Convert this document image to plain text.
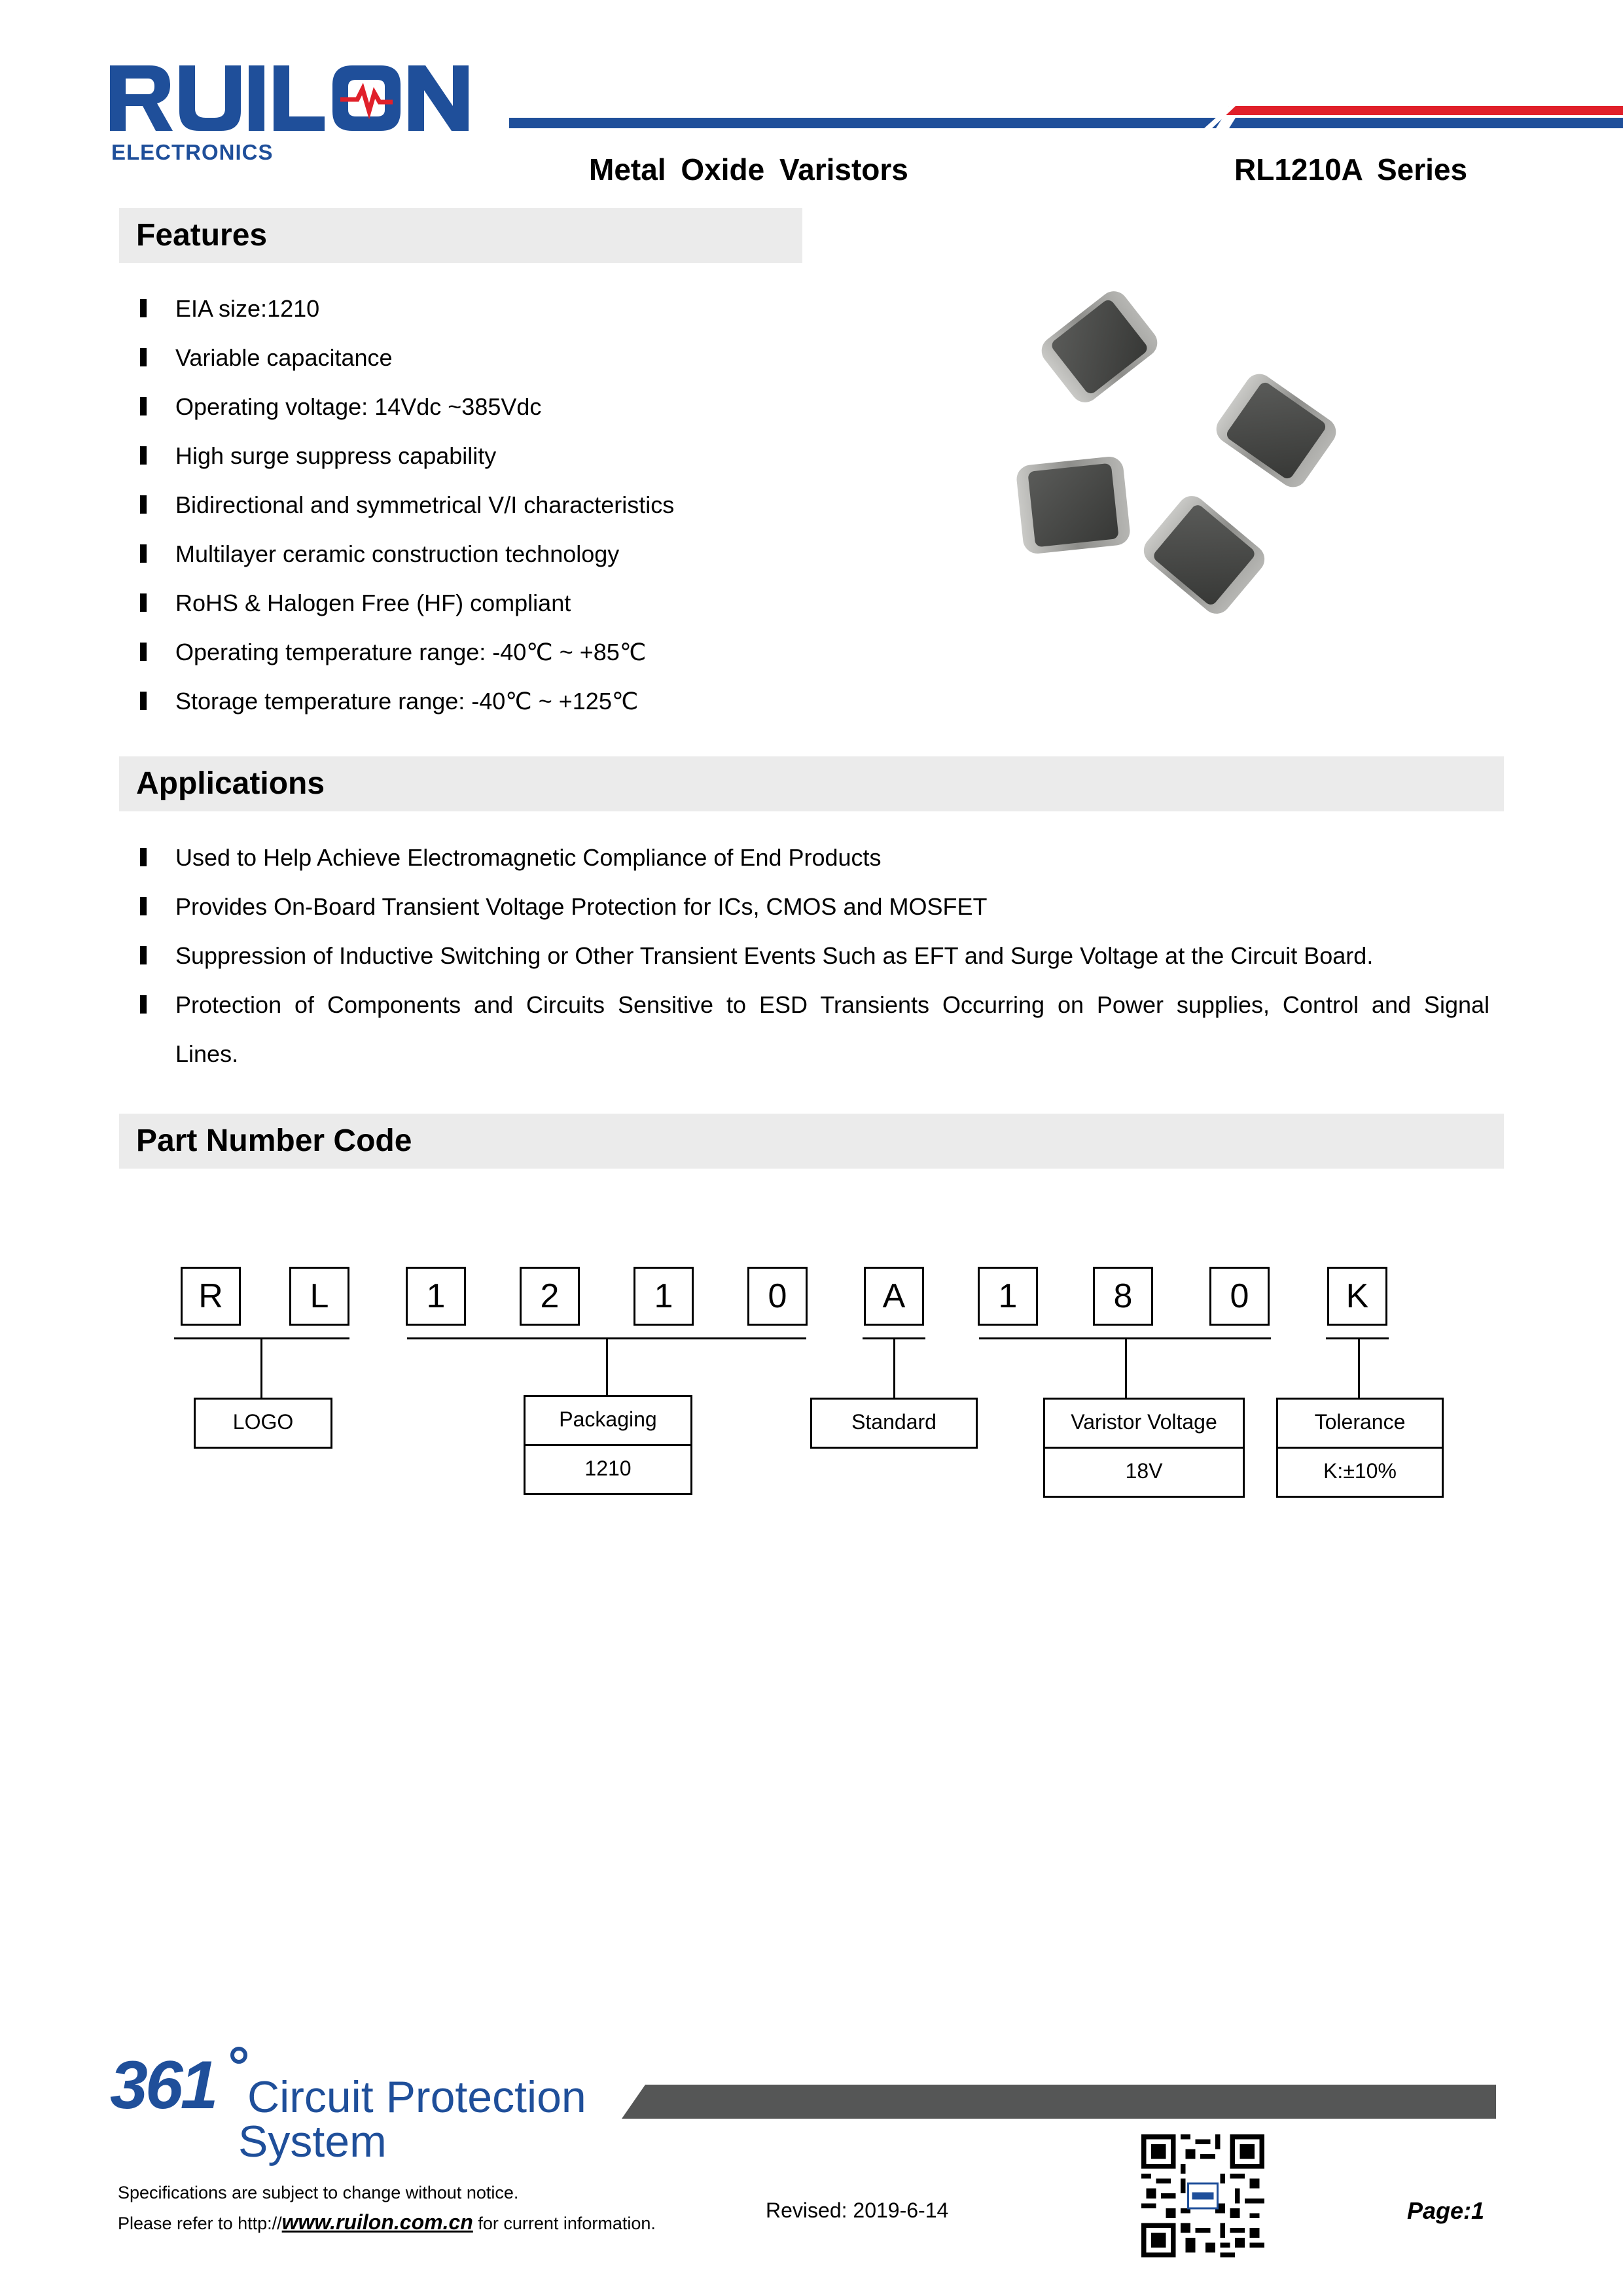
ELECTRONICS
Metal Oxide Varistors	RL1210A Series
Features
EIA size:1210
Variable capacitance
Operating voltage: 14Vdc ~385Vdc
High surge suppress capability
Bidirectional and symmetrical V/I characteristics
Multilayer ceramic construction technology
RoHS & Halogen Free (HF) compliant
Operating temperature range: -40℃ ~ +85℃
Storage temperature range: -40℃ ~ +125℃
Applications
Used to Help Achieve Electromagnetic Compliance of End Products
Provides On-Board Transient Voltage Protection for ICs, CMOS and MOSFET
Suppression of Inductive Switching or Other Transient Events Such as EFT and Surge Voltage at the Circuit Board.
Protection of Components and Circuits Sensitive to ESD Transients Occurring on Power supplies, Control and Signal
Lines.
Part Number Code
R	L	1	2	1	0	A	1	8	0	K
LOGO	Packaging
1210
Standard	Varistor Voltage
18V
Tolerance
K:±10%
361 Circuit Protection
System
Specifications are subject to change without notice.
Please refer to http://www.ruilon.com.cn for current information.
Revised: 2019-6-14	Page:1
